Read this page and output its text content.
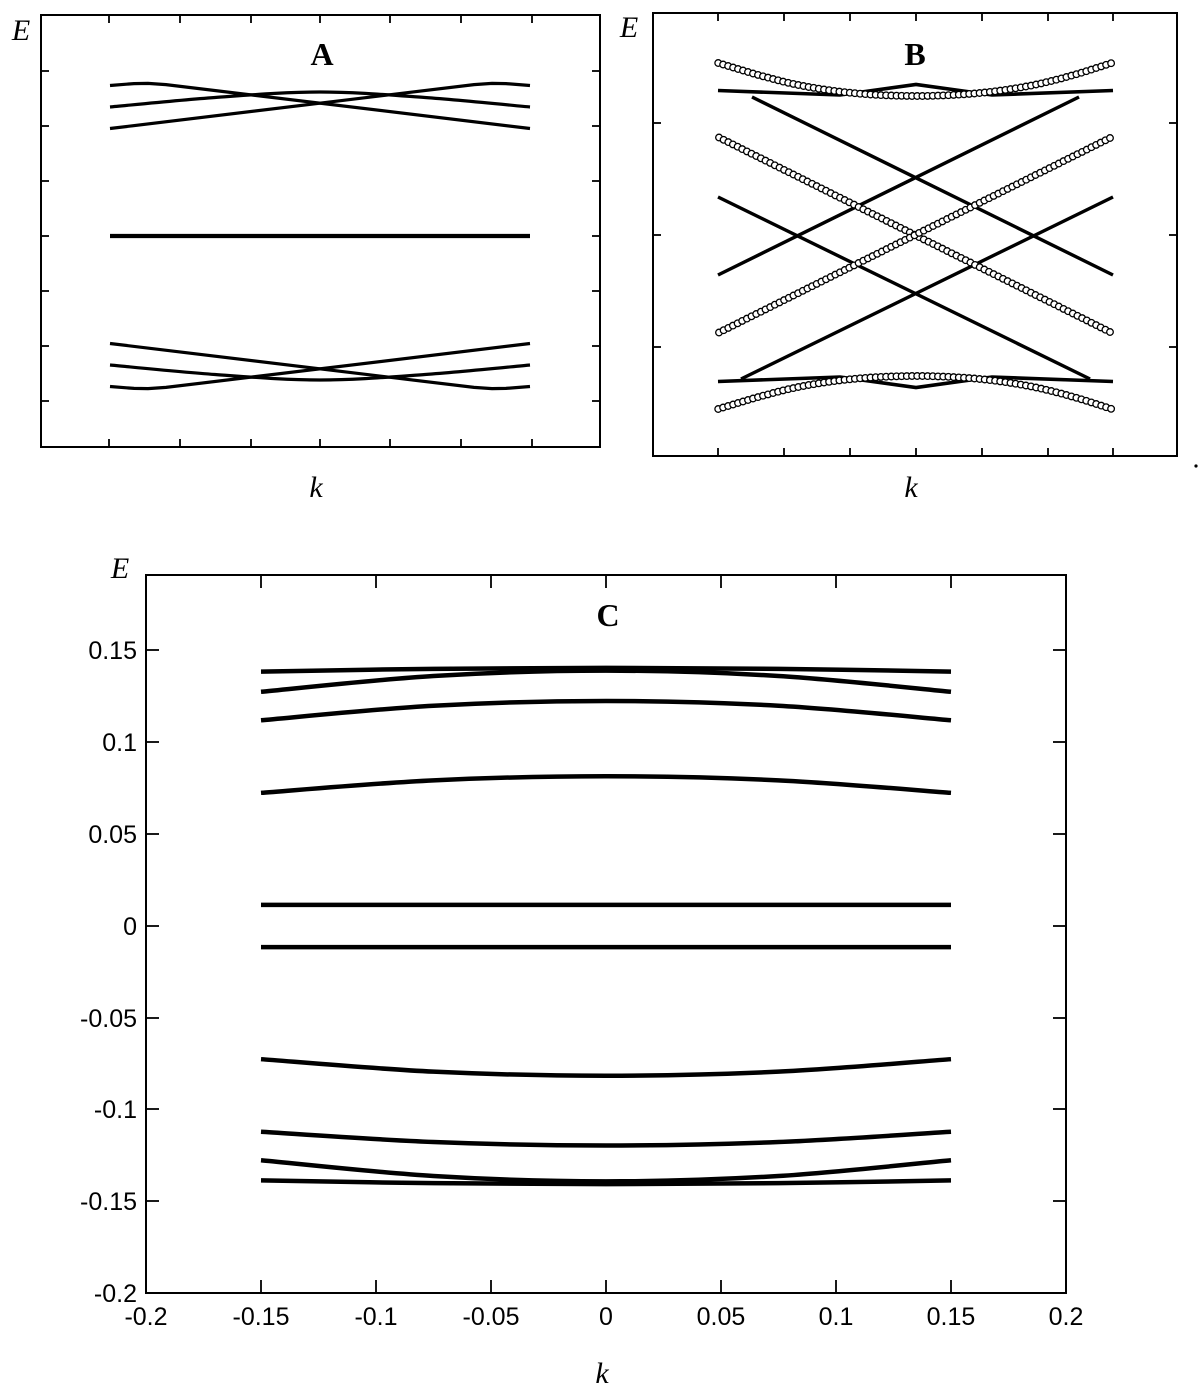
-0.2	-0.15	-0.1	-0.05	0	0.05	0.1	0.15	0.2
0.15
0.1
0.05
0
-0.05
-0.1
-0.15
-0.2
E
A
k
E
B
k
E
C
k
